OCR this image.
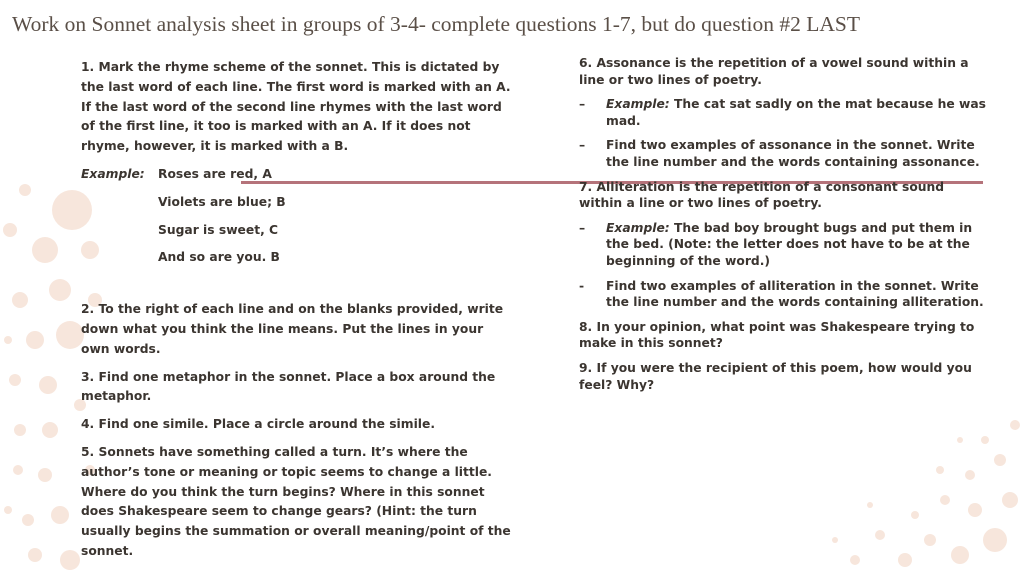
Work on Sonnet analysis sheet in groups of 3-4- complete questions 1-7, but do question #2 LAST

1. Mark the rhyme scheme of the sonnet. This is dictated by the last word of each line. The first word is marked with an A. If the last word of the second line rhymes with the last word of the first line, it too is marked with an A. If it does not rhyme, however, it is marked with a B.

Example:	Roses are red, A

Violets are blue; B

Sugar is sweet, C

And so are you. B

2. To the right of each line and on the blanks provided, write down what you think the line means. Put the lines in your own words.

3. Find one metaphor in the sonnet. Place a box around the metaphor.

4. Find one simile. Place a circle around the simile.

5. Sonnets have something called a turn. It’s where the author’s tone or meaning or topic seems to change a little. Where do you think the turn begins? Where in this sonnet does Shakespeare seem to change gears? (Hint: the turn usually begins the summation or overall meaning/point of the sonnet.

6. Assonance is the repetition of a vowel sound within a line or two lines of poetry.

–	Example: The cat sat sadly on the mat because he was mad.
–	Find two examples of assonance in the sonnet. Write the line number and the words containing assonance.

7. Alliteration is the repetition of a consonant sound within a line or two lines of poetry.

–	Example: The bad boy brought bugs and put them in the bed. (Note: the letter does not have to be at the beginning of the word.)
-	Find two examples of alliteration in the sonnet. Write the line number and the words containing alliteration.

8. In your opinion, what point was Shakespeare trying to make in this sonnet?

9. If you were the recipient of this poem, how would you feel? Why?
